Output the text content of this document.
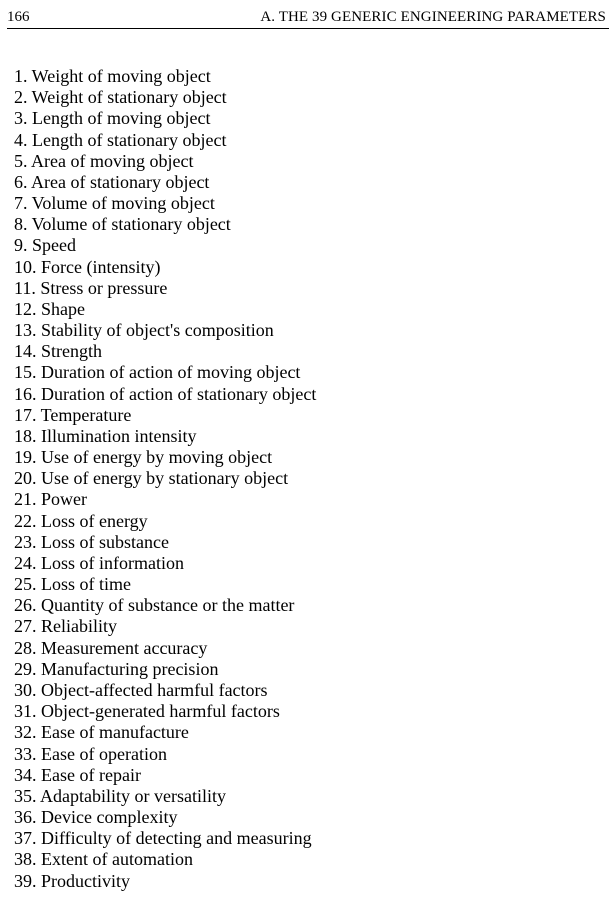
166	A. THE 39 GENERIC ENGINEERING PARAMETERS
1. Weight of moving object
2. Weight of stationary object
3. Length of moving object
4. Length of stationary object
5. Area of moving object
6. Area of stationary object
7. Volume of moving object
8. Volume of stationary object
9. Speed
10. Force (intensity)
11. Stress or pressure
12. Shape
13. Stability of object's composition
14. Strength
15. Duration of action of moving object
16. Duration of action of stationary object
17. Temperature
18. Illumination intensity
19. Use of energy by moving object
20. Use of energy by stationary object
21. Power
22. Loss of energy
23. Loss of substance
24. Loss of information
25. Loss of time
26. Quantity of substance or the matter
27. Reliability
28. Measurement accuracy
29. Manufacturing precision
30. Object-affected harmful factors
31. Object-generated harmful factors
32. Ease of manufacture
33. Ease of operation
34. Ease of repair
35. Adaptability or versatility
36. Device complexity
37. Difficulty of detecting and measuring
38. Extent of automation
39. Productivity
